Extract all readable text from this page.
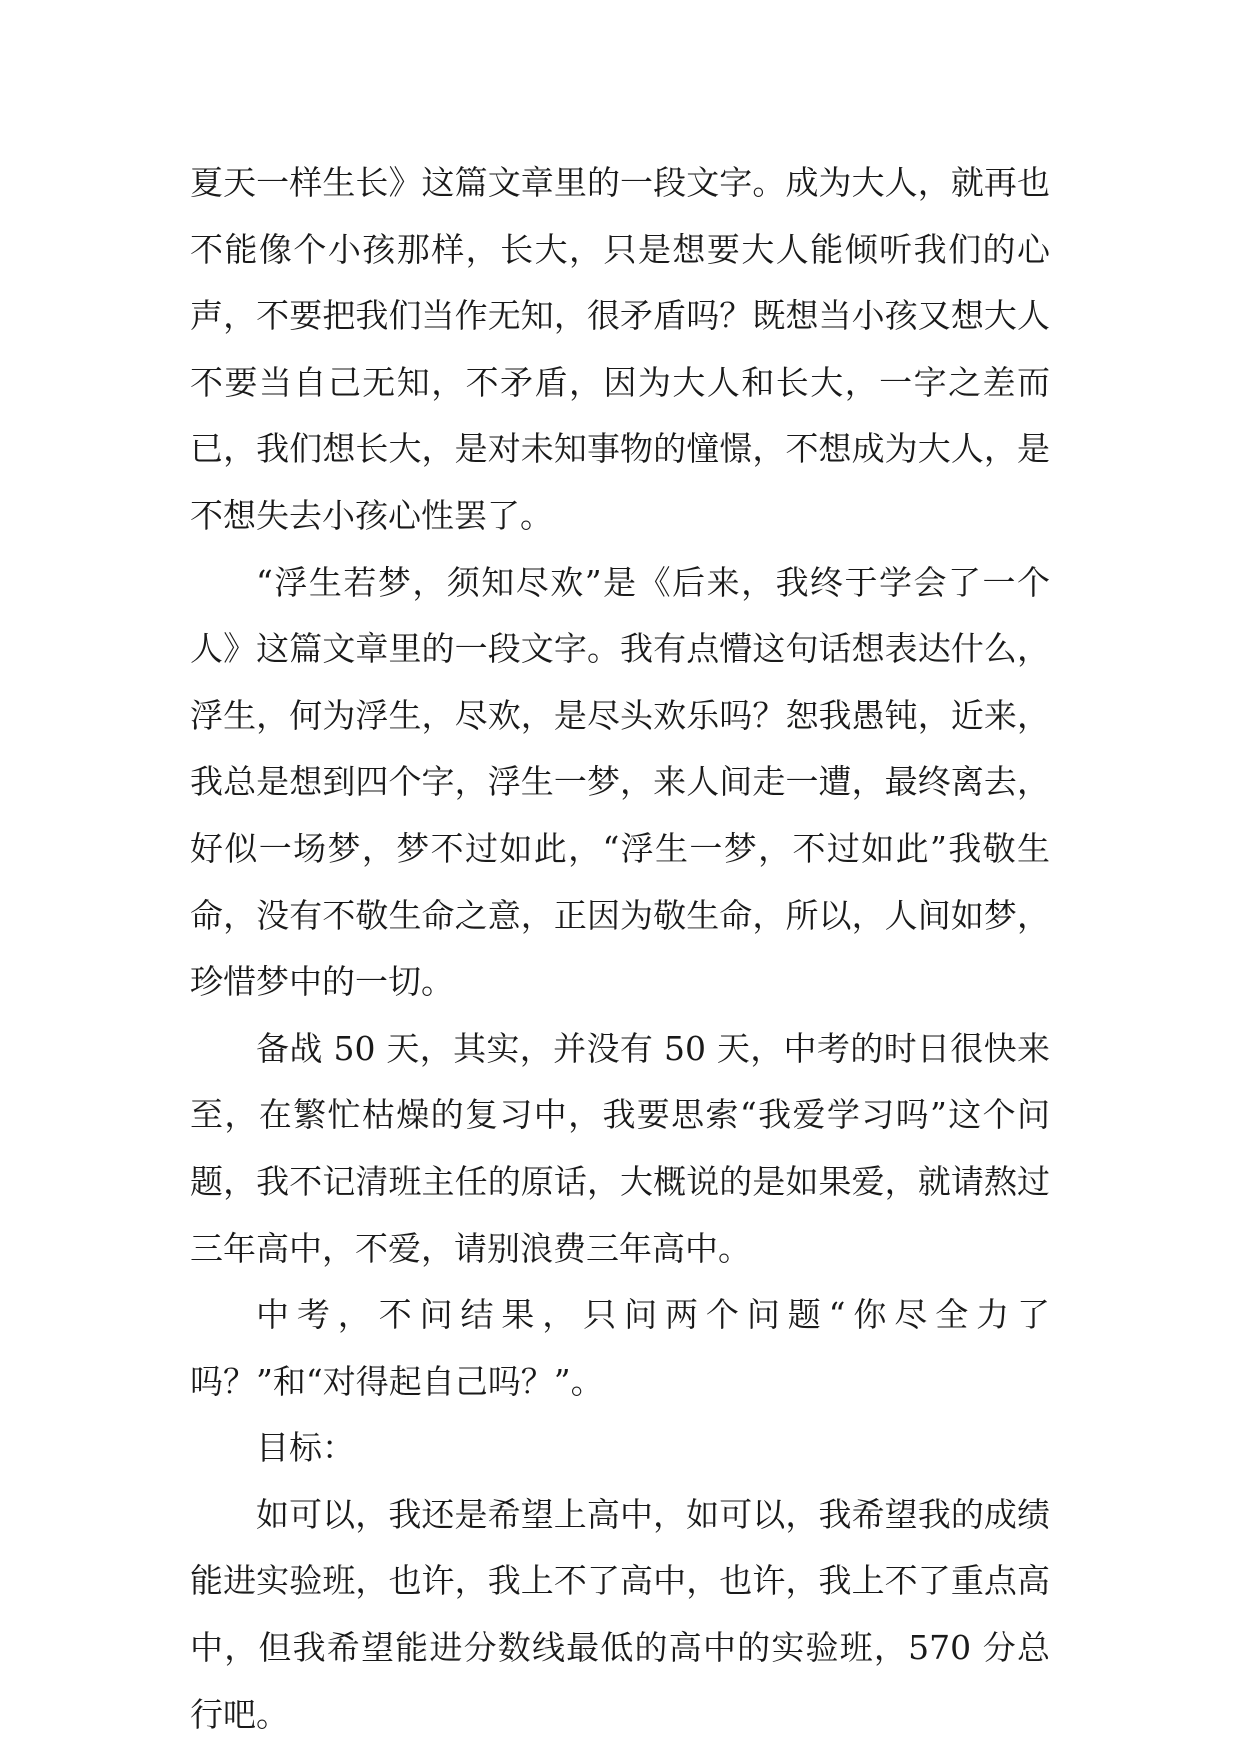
夏天一样生长》这篇文章里的一段文字。成为大人，就再也不能像个小孩那样，长大，只是想要大人能倾听我们的心声，不要把我们当作无知，很矛盾吗？既想当小孩又想大人不要当自己无知，不矛盾，因为大人和长大，一字之差而已，我们想长大，是对未知事物的憧憬，不想成为大人，是不想失去小孩心性罢了。

“浮生若梦，须知尽欢”是《后来，我终于学会了一个人》这篇文章里的一段文字。我有点懵这句话想表达什么，浮生，何为浮生，尽欢，是尽头欢乐吗？恕我愚钝，近来，我总是想到四个字，浮生一梦，来人间走一遭，最终离去，好似一场梦，梦不过如此，“浮生一梦，不过如此”我敬生命，没有不敬生命之意，正因为敬生命，所以，人间如梦，珍惜梦中的一切。

备战 50 天，其实，并没有 50 天，中考的时日很快来至，在繁忙枯燥的复习中，我要思索“我爱学习吗”这个问题，我不记清班主任的原话，大概说的是如果爱，就请熬过三年高中，不爱，请别浪费三年高中。

中考，不问结果，只问两个问题“你尽全力了吗？”和“对得起自己吗？”。

目标：

如可以，我还是希望上高中，如可以，我希望我的成绩能进实验班，也许，我上不了高中，也许，我上不了重点高中，但我希望能进分数线最低的高中的实验班，570 分总行吧。
